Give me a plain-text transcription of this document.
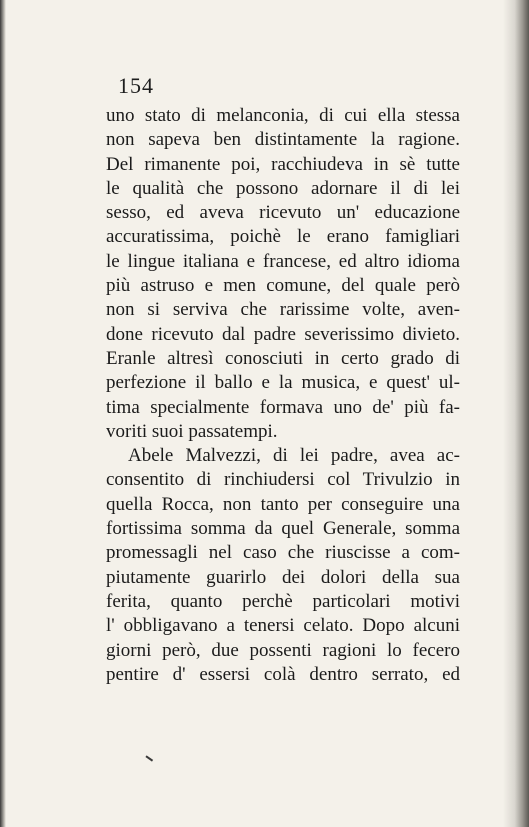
154
uno stato di melanconia, di cui ella stessa
non sapeva ben distintamente la ragione.
Del rimanente poi, racchiudeva in sè tutte
le qualità che possono adornare il di lei
sesso, ed aveva ricevuto un' educazione
accuratissima, poichè le erano famigliari
le lingue italiana e francese, ed altro idioma
più astruso e men comune, del quale però
non si serviva che rarissime volte, aven-
done ricevuto dal padre severissimo divieto.
Eranle altresì conosciuti in certo grado di
perfezione il ballo e la musica, e quest' ul-
tima specialmente formava uno de' più fa-
voriti suoi passatempi.
Abele Malvezzi, di lei padre, avea ac-
consentito di rinchiudersi col Trivulzio in
quella Rocca, non tanto per conseguire una
fortissima somma da quel Generale, somma
promessagli nel caso che riuscisse a com-
piutamente guarirlo dei dolori della sua
ferita, quanto perchè particolari motivi
l' obbligavano a tenersi celato. Dopo alcuni
giorni però, due possenti ragioni lo fecero
pentire d' essersi colà dentro serrato, ed
